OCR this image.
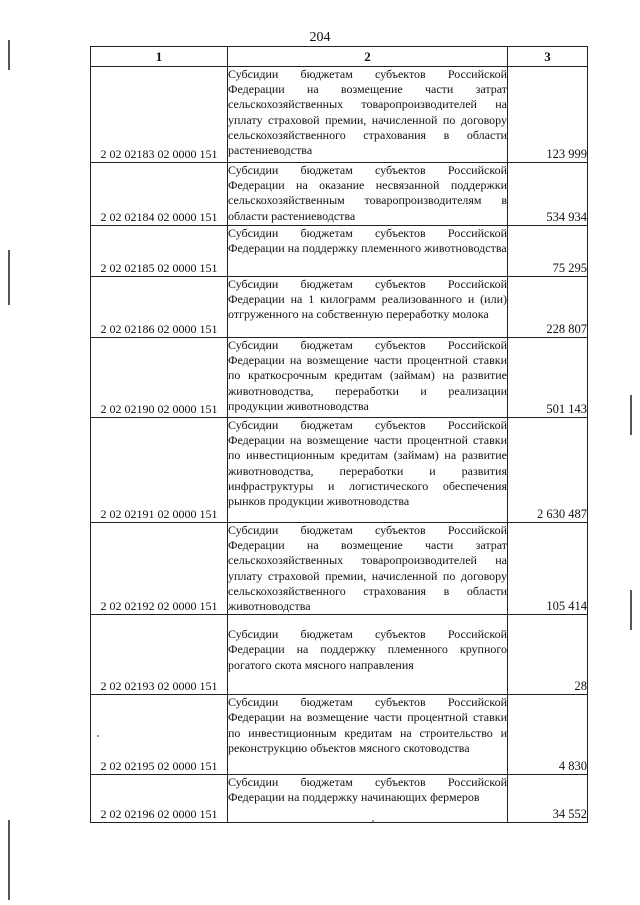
204
1	2	3
2 02 02183 02 0000 151	Субсидии бюджетам субъектов Российской Федерации на возмещение части затрат сельскохозяйственных товаропроизводителей на уплату страховой премии, начисленной по договору сельскохозяйственного страхования в области растениеводства	123 999
2 02 02184 02 0000 151	Субсидии бюджетам субъектов Российской Федерации на оказание несвязанной поддержки сельскохозяйственным товаропроизводителям в области растениеводства	534 934
2 02 02185 02 0000 151	Субсидии бюджетам субъектов Российской Федерации на поддержку племенного животноводства	75 295
2 02 02186 02 0000 151	Субсидии бюджетам субъектов Российской Федерации на 1 килограмм реализованного и (или) отгруженного на собственную переработку молока	228 807
2 02 02190 02 0000 151	Субсидии бюджетам субъектов Российской Федерации на возмещение части процентной ставки по краткосрочным кредитам (займам) на развитие животноводства, переработки и реализации продукции животноводства	501 143
2 02 02191 02 0000 151	Субсидии бюджетам субъектов Российской Федерации на возмещение части процентной ставки по инвестиционным кредитам (займам) на развитие животноводства, переработки и развития инфраструктуры и логистического обеспечения рынков продукции животноводства	2 630 487
2 02 02192 02 0000 151	Субсидии бюджетам субъектов Российской Федерации на возмещение части затрат сельскохозяйственных товаропроизводителей на уплату страховой премии, начисленной по договору сельскохозяйственного страхования в области животноводства	105 414
2 02 02193 02 0000 151	Субсидии бюджетам субъектов Российской Федерации на поддержку племенного крупного рогатого скота мясного направления	28
2 02 02195 02 0000 151	Субсидии бюджетам субъектов Российской Федерации на возмещение части процентной ставки по инвестиционным кредитам на строительство и реконструкцию объектов мясного скотоводства	4 830
2 02 02196 02 0000 151	Субсидии бюджетам субъектов Российской Федерации на поддержку начинающих фермеров	34 552
